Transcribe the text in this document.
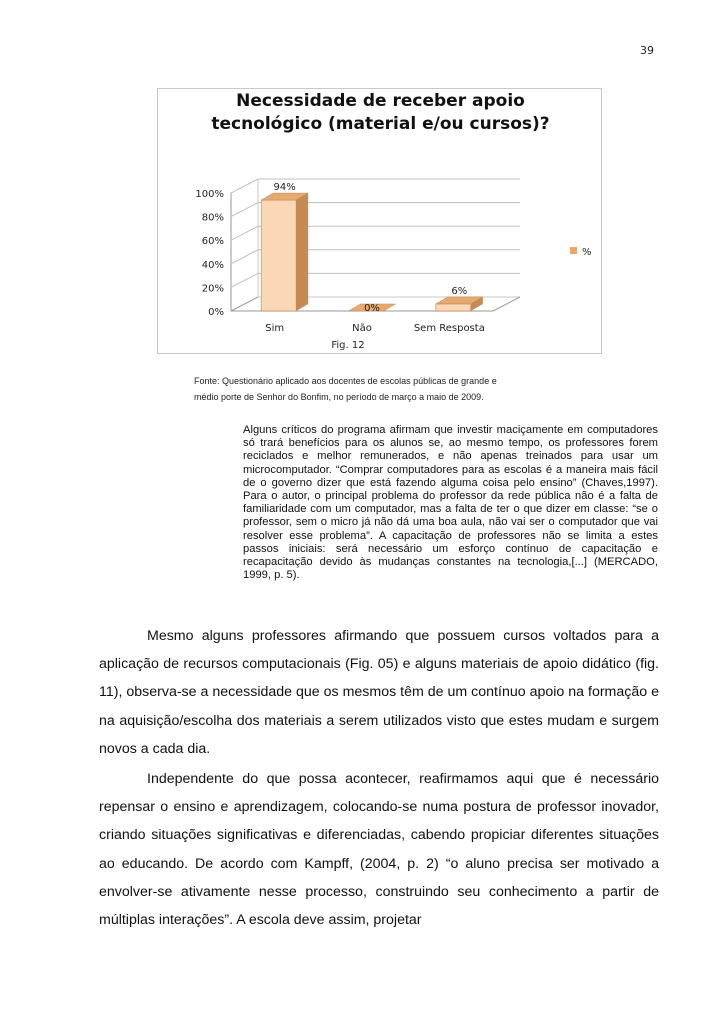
39
Necessidade de receber apoio
tecnológico (material e/ou cursos)?
0%
20%
40%
60%
80%
100%
94%
Sim
0%
Não
6%
Sem Resposta
Fig. 12
%
Fonte: Questionário aplicado aos docentes de escolas públicas de grande e
médio porte de Senhor do Bonfim, no período de março a maio de 2009.

Alguns críticos do programa afirmam que investir maciçamente em computadores só trará benefícios para os alunos se, ao mesmo tempo, os professores forem reciclados e melhor remunerados, e não apenas treinados para usar um microcomputador. “Comprar computadores para as escolas é a maneira mais fácil de o governo dizer que está fazendo alguma coisa pelo ensino” (Chaves,1997). Para o autor, o principal problema do professor da rede pública não é a falta de familiaridade com um computador, mas a falta de ter o que dizer em classe: “se o professor, sem o micro já não dá uma boa aula, não vai ser o computador que vai resolver esse problema”. A capacitação de professores não se limita a estes passos iniciais: será necessário um esforço contínuo de capacitação e recapacitação devido às mudanças constantes na tecnologia,[...] (MERCADO, 1999, p. 5).

Mesmo alguns professores afirmando que possuem cursos voltados para a aplicação de recursos computacionais (Fig. 05) e alguns materiais de apoio didático (fig. 11), observa-se a necessidade que os mesmos têm de um contínuo apoio na formação e na aquisição/escolha dos materiais a serem utilizados visto que estes mudam e surgem novos a cada dia.

Independente do que possa acontecer, reafirmamos aqui que é necessário repensar o ensino e aprendizagem, colocando-se numa postura de professor inovador, criando situações significativas e diferenciadas, cabendo propiciar diferentes situações ao educando. De acordo com Kampff, (2004, p. 2) “o aluno precisa ser motivado a envolver-se ativamente nesse processo, construindo seu conhecimento a partir de múltiplas interações”. A escola deve assim, projetar
